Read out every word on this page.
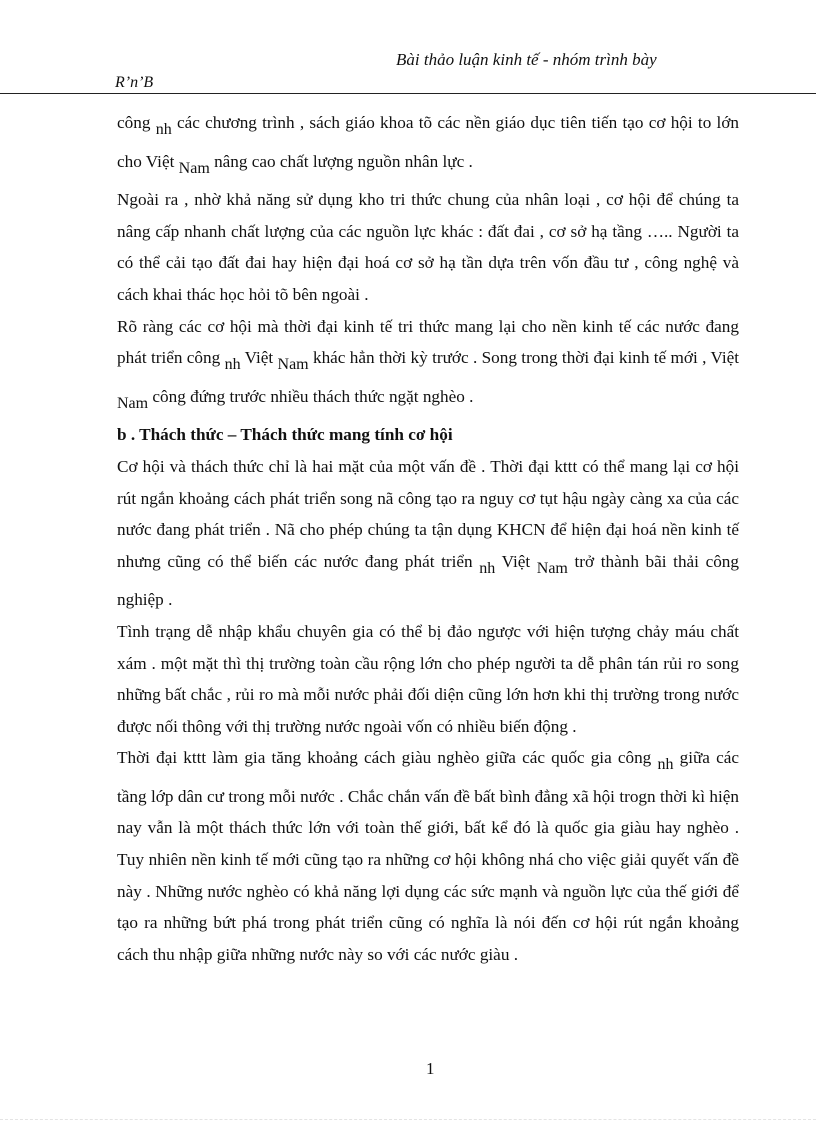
Bài thảo luận kinh tế - nhóm trình bày
R’n’B

công nh các chương trình , sách giáo khoa tõ các nền giáo dục tiên tiến tạo cơ hội to lớn cho Việt Nam nâng cao chất lượng nguồn nhân lực .

Ngoài ra , nhờ khả năng sử dụng kho tri thức chung của nhân loại , cơ hội để chúng ta nâng cấp nhanh chất lượng của các nguồn lực khác : đất đai , cơ sở hạ tầng ….. Người ta có thể cải tạo đất đai hay hiện đại hoá cơ sở hạ tần dựa trên vốn đầu tư , công nghệ và cách khai thác học hỏi tõ bên ngoài .

Rõ ràng các cơ hội mà thời đại kinh tế tri thức mang lại cho nền kinh tế các nước đang phát triển công nh Việt Nam khác hẳn thời kỳ trước . Song trong thời đại kinh tế mới , Việt Nam công đứng trước nhiều thách thức ngặt nghèo .

b . Thách thức – Thách thức mang tính cơ hội

Cơ hội và thách thức chỉ là hai mặt của một vấn đề . Thời đại kttt có thể mang lại cơ hội rút ngắn khoảng cách phát triển song nã công tạo ra nguy cơ tụt hậu ngày càng xa của các nước đang phát triển . Nã cho phép chúng ta tận dụng KHCN để hiện đại hoá nền kinh tế nhưng cũng có thể biến các nước đang phát triển nh Việt Nam trở thành bãi thải công nghiệp .

Tình trạng dễ nhập khẩu chuyên gia có thể bị đảo ngược với hiện tượng chảy máu chất xám . một mặt thì thị trường toàn cầu rộng lớn cho phép người ta dễ phân tán rủi ro song những bất chắc , rủi ro mà mỗi nước phải đối diện cũng lớn hơn khi thị trường trong nước được nối thông với thị trường nước ngoài vốn có nhiều biến động .

Thời đại kttt làm gia tăng khoảng cách giàu nghèo giữa các quốc gia công nh giữa các tầng lớp dân cư trong mỗi nước . Chắc chắn vấn đề bất bình đẳng xã hội trogn thời kì hiện nay vẫn là một thách thức lớn với toàn thế giới, bất kể đó là quốc gia giàu hay nghèo . Tuy nhiên nền kinh tế mới cũng tạo ra những cơ hội không nhá cho việc giải quyết vấn đề này . Những nước nghèo có khả năng lợi dụng các sức mạnh và nguồn lực của thế giới để tạo ra những bứt phá trong phát triển cũng có nghĩa là nói đến cơ hội rút ngắn khoảng cách thu nhập giữa những nước này so với các nước giàu .

1
